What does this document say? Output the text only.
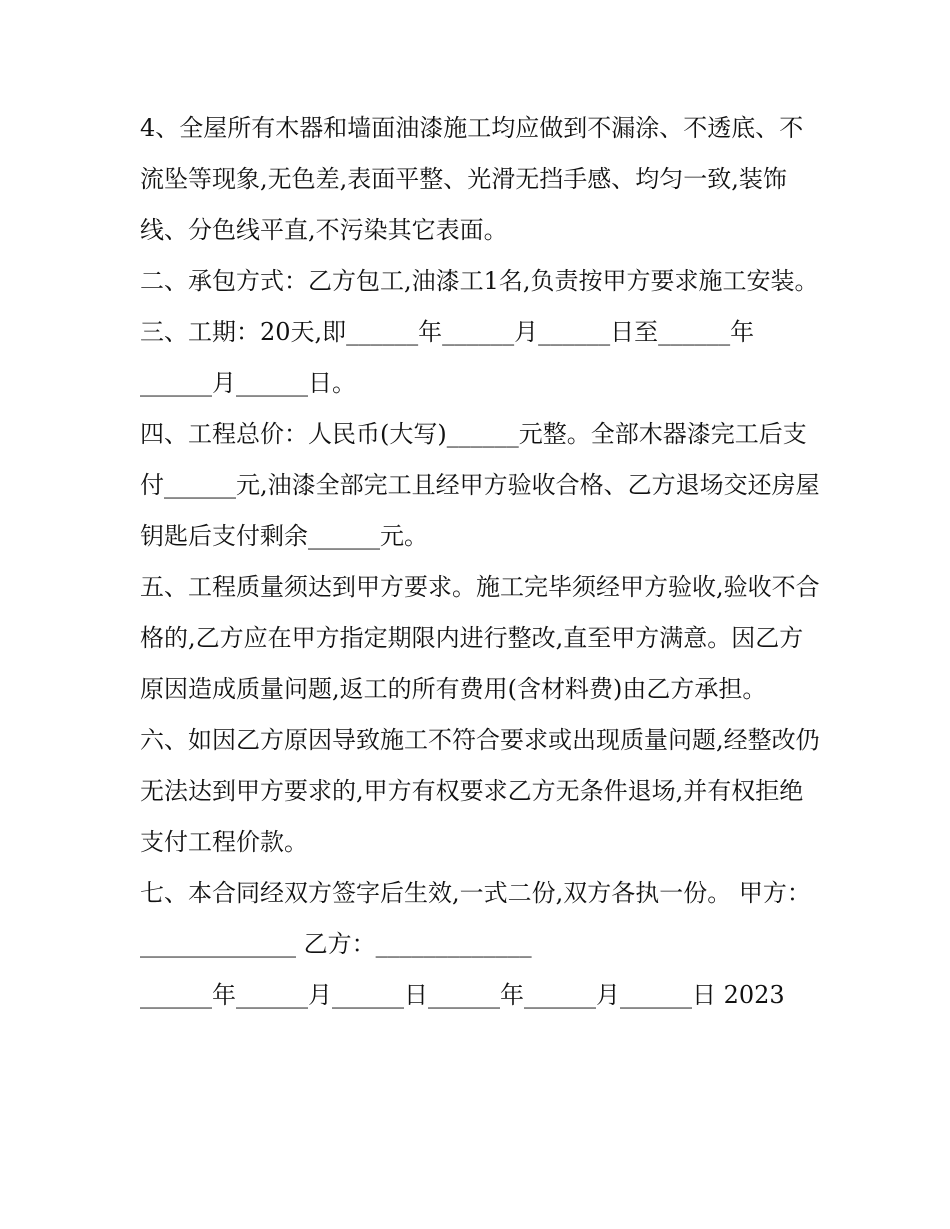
4、全屋所有木器和墙面油漆施工均应做到不漏涂、不透底、不流坠等现象,无色差,表面平整、光滑无挡手感、均匀一致,装饰线、分色线平直,不污染其它表面。

二、承包方式：乙方包工,油漆工1名,负责按甲方要求施工安装。

三、工期：20天,即______年______月______日至______年______月______日。

四、工程总价：人民币(大写)______元整。全部木器漆完工后支付______元,油漆全部完工且经甲方验收合格、乙方退场交还房屋钥匙后支付剩余______元。

五、工程质量须达到甲方要求。施工完毕须经甲方验收,验收不合格的,乙方应在甲方指定期限内进行整改,直至甲方满意。因乙方原因造成质量问题,返工的所有费用(含材料费)由乙方承担。

六、如因乙方原因导致施工不符合要求或出现质量问题,经整改仍无法达到甲方要求的,甲方有权要求乙方无条件退场,并有权拒绝支付工程价款。

七、本合同经双方签字后生效,一式二份,双方各执一份。 甲方：_____________ 乙方：_____________

______年______月______日______年______月______日 2023
